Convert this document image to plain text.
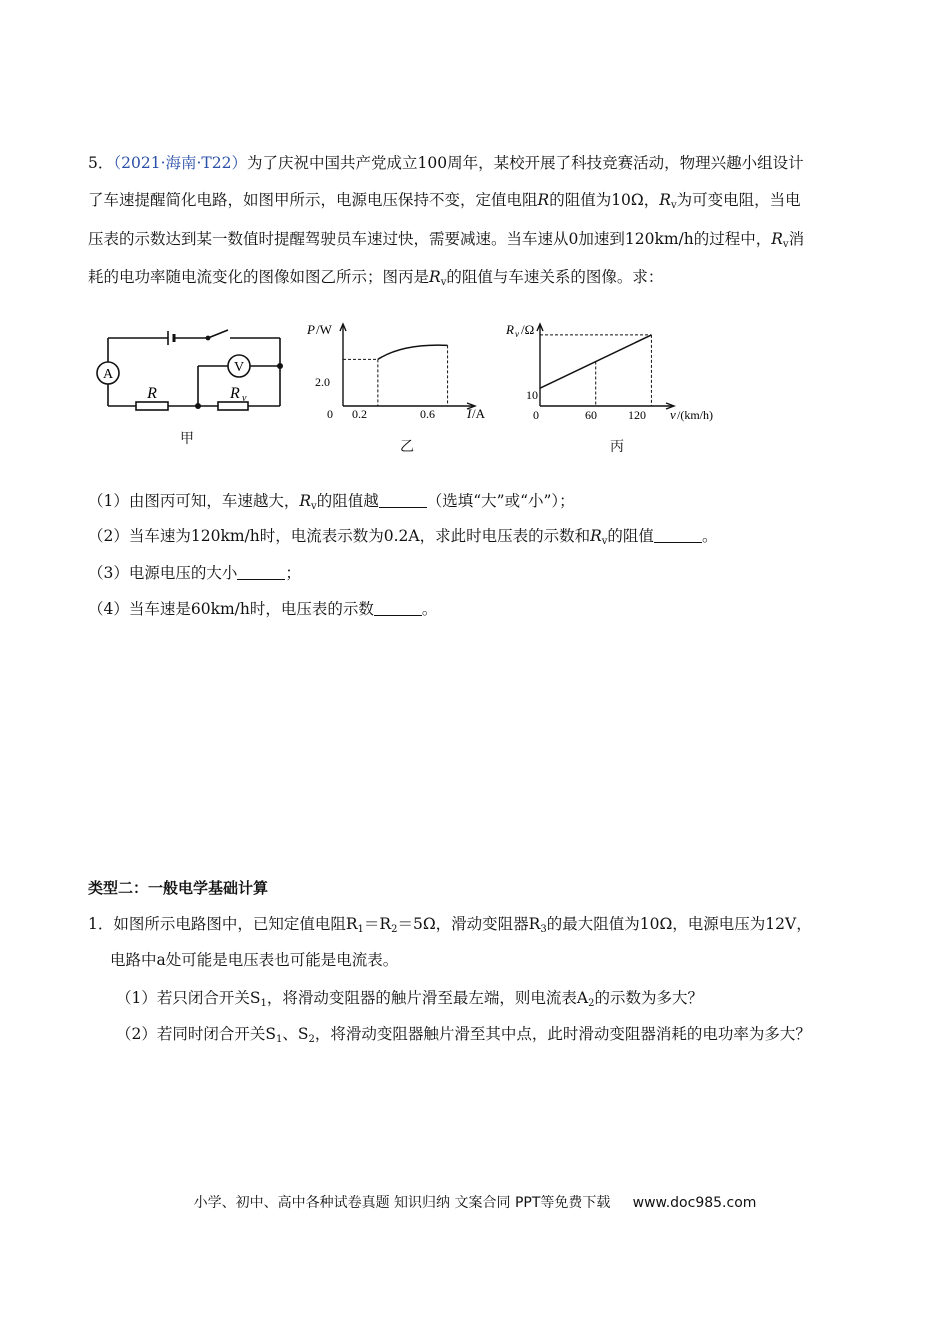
5．（2021·海南·T22）为了庆祝中国共产党成立100周年，某校开展了科技竞赛活动，物理兴趣小组设计
了车速提醒简化电路，如图甲所示，电源电压保持不变，定值电阻R的阻值为10Ω，$R_v$为可变电阻，当电
压表的示数达到某一数值时提醒驾驶员车速过快，需要减速。当车速从0加速到120km/h的过程中，$R_v$消
耗的电功率随电流变化的图像如图乙所示；图丙是$R_v$的阻值与车速关系的图像。求：
A	V
R	R v
甲
P /W
2.0
0 0.2	0.6 I /A
乙
R v /Ω
10
0	60	120 v /(km/h)
丙
（1）由图丙可知，车速越大，$R_v$的阻值越	（选填“大”或“小”）；
（2）当车速为120km/h时，电流表示数为0.2A，求此时电压表的示数和$R_v$的阻值	。
（3）电源电压的大小	；
（4）当车速是60km/h时，电压表的示数	。
类型二：一般电学基础计算
1．如图所示电路图中，已知定值电阻$R_1=R_2=5\Omega$，滑动变阻器$R_3$的最大阻值为10Ω，电源电压为12V，
电路中a处可能是电压表也可能是电流表。
（1）若只闭合开关$S_1$，将滑动变阻器的触片滑至最左端，则电流表$A_2$的示数为多大？
（2）若同时闭合开关$S_1$、$S_2$，将滑动变阻器触片滑至其中点，此时滑动变阻器消耗的电功率为多大？
小学、初中、高中各种试卷真题 知识归纳 文案合同 PPT等免费下载 www.doc985.com
